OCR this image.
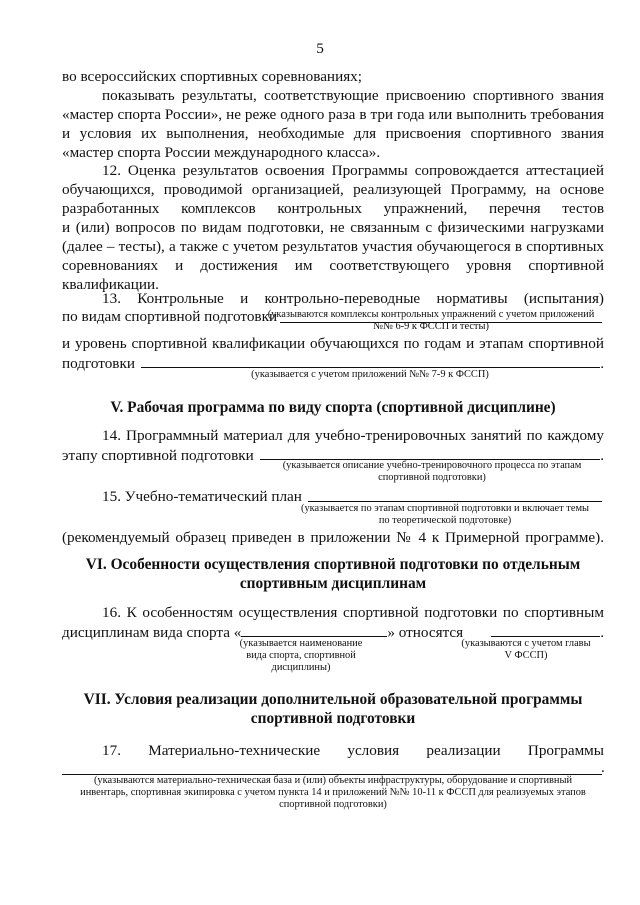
5
во всероссийских спортивных соревнованиях;
показывать результаты, соответствующие присвоению спортивного звания
«мастер спорта России», не реже одного раза в три года или выполнить требования
и условия их выполнения, необходимые для присвоения спортивного звания
«мастер спорта России международного класса».
12. Оценка результатов освоения Программы сопровождается аттестацией
обучающихся, проводимой организацией, реализующей Программу, на основе
разработанных комплексов контрольных упражнений, перечня тестов
и (или) вопросов по видам подготовки, не связанным с физическими нагрузками
(далее – тесты), а также с учетом результатов участия обучающегося в спортивных
соревнованиях и достижения им соответствующего уровня спортивной
квалификации.
13. Контрольные и контрольно-переводные нормативы (испытания)
по видам спортивной подготовки
(указываются комплексы контрольных упражнений с учетом приложений
№№ 6-9 к ФССП и тесты)
и уровень спортивной квалификации обучающихся по годам и этапам спортивной
подготовки	.
(указывается с учетом приложений №№ 7-9 к ФССП)
V. Рабочая программа по виду спорта (спортивной дисциплине)
14. Программный материал для учебно-тренировочных занятий по каждому
этапу спортивной подготовки	.
(указывается описание учебно-тренировочного процесса по этапам
спортивной подготовки)
15. Учебно-тематический план
(указывается по этапам спортивной подготовки и включает темы
по теоретической подготовке)
(рекомендуемый образец приведен в приложении № 4 к Примерной программе).
VI. Особенности осуществления спортивной подготовки по отдельным
спортивным дисциплинам
16. К особенностям осуществления спортивной подготовки по спортивным
дисциплинам вида спорта «	» относятся	.
(указывается наименование
вида спорта, спортивной
дисциплины)
(указываются с учетом главы
V ФССП)
VII. Условия реализации дополнительной образовательной программы
спортивной подготовки
17. Материально-технические условия реализации Программы
.
(указываются материально-техническая база и (или) объекты инфраструктуры, оборудование и спортивный
инвентарь, спортивная экипировка с учетом пункта 14 и приложений №№ 10-11 к ФССП для реализуемых этапов
спортивной подготовки)
